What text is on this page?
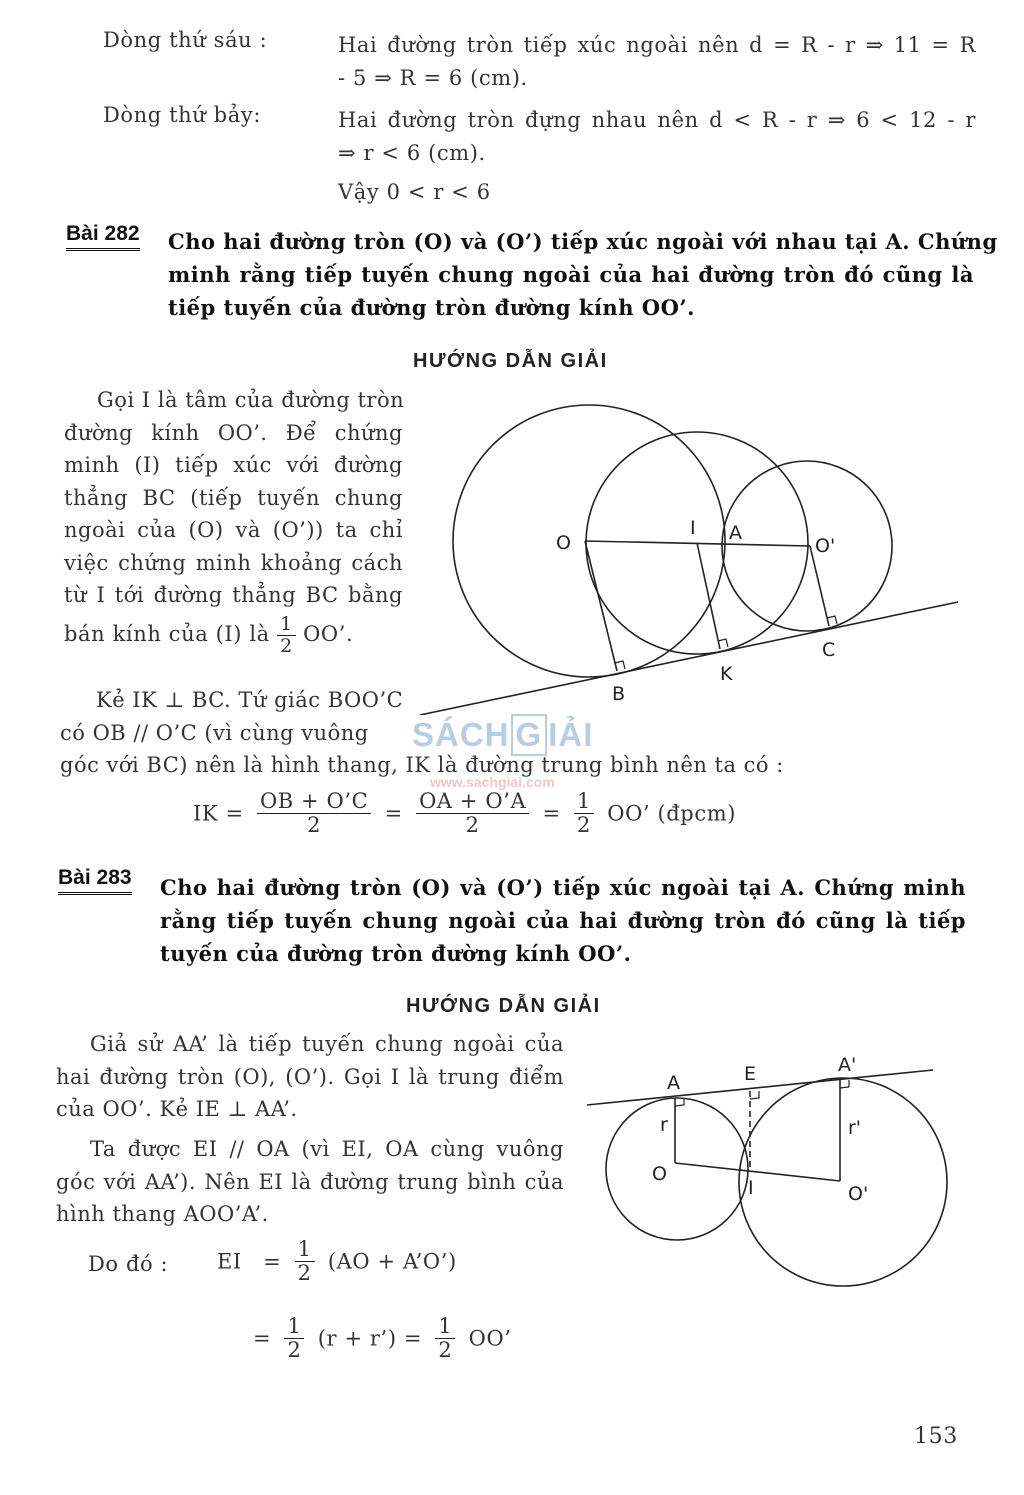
Dòng thứ sáu :	Hai đường tròn tiếp xúc ngoài nên d = R - r ⇒ 11 = R
- 5 ⇒ R = 6 (cm).
Dòng thứ bảy:	Hai đường tròn đựng nhau nên d < R - r ⇒ 6 < 12 - r
⇒ r < 6 (cm).
Vậy 0 < r < 6
Bài 282 Cho hai đường tròn (O) và (O’) tiếp xúc ngoài với nhau tại A. Chứng
minh rằng tiếp tuyến chung ngoài của hai đường tròn đó cũng là
tiếp tuyến của đường tròn đường kính OO’.
HƯỚNG DẪN GIẢI
Gọi I là tâm của đường tròn
đường kính OO’. Để chứng
minh (I) tiếp xúc với đường
thẳng BC (tiếp tuyến chung
ngoài của (O) và (O’)) ta chỉ
việc chứng minh khoảng cách
từ I tới đường thẳng BC bằng
bán kính của (I) là $\frac{1}{2}$ OO’.
Kẻ IK ⊥ BC. Tứ giác BOO’C
có OB // O’C (vì cùng vuông
góc với BC) nên là hình thang, IK là đường trung bình nên ta có :
IK = $\frac{OB + O’C}{2} = \frac{OA + O’A}{2} = \frac{1}{2}$ OO’ (đpcm)
O
I A
O'
B
K
C
SÁCH G IẢI
www.sachgiai.com
Bài 283 Cho hai đường tròn (O) và (O’) tiếp xúc ngoài tại A. Chứng minh
rằng tiếp tuyến chung ngoài của hai đường tròn đó cũng là tiếp
tuyến của đường tròn đường kính OO’.
HƯỚNG DẪN GIẢI
Giả sử AA’ là tiếp tuyến chung ngoài của
hai đường tròn (O), (O’). Gọi I là trung điểm
của OO’. Kẻ IE ⊥ AA’.
Ta được EI // OA (vì EI, OA cùng vuông
góc với AA’). Nên EI là đường trung bình của
hình thang AOO’A’.
Do đó : EI = $\frac{1}{2} (AO$ + A’O’)
= $\frac{1}{2} (r$ + r’) = $\frac{1}{2}$ OO’
A	E	A'
r	r'
O
I	O'
153
